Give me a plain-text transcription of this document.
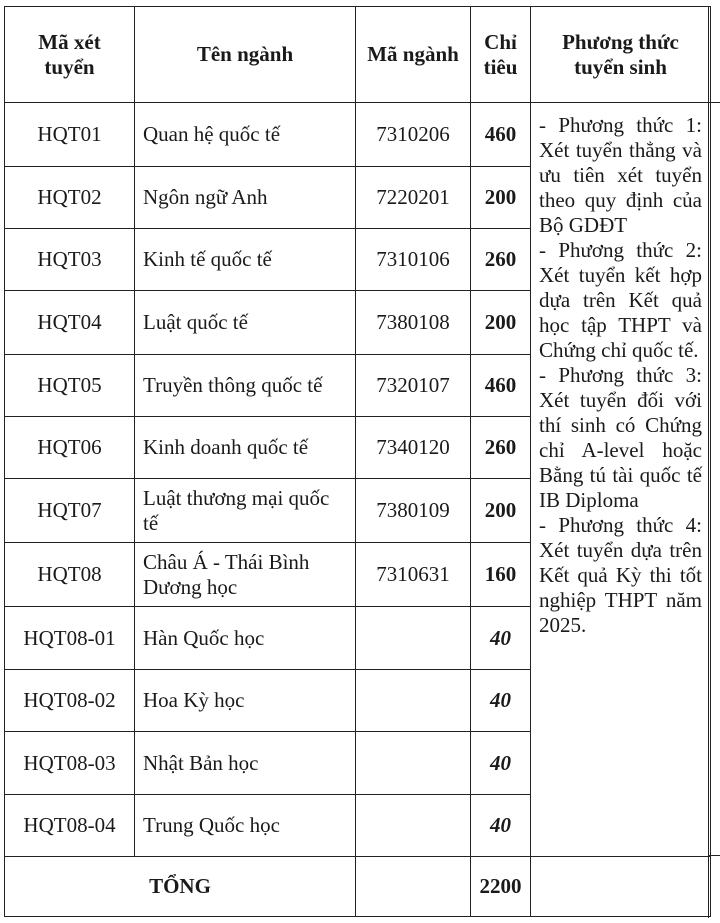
Mã xét tuyển	Tên ngành	Mã ngành	Chỉ tiêu	Phương thức tuyển sinh
HQT01	Quan hệ quốc tế	7310206	460	- Phương thức 1: Xét tuyển thẳng và ưu tiên xét tuyển theo quy định của Bộ GDĐT
- Phương thức 2: Xét tuyển kết hợp dựa trên Kết quả học tập THPT và Chứng chỉ quốc tế.
- Phương thức 3: Xét tuyển đối với thí sinh có Chứng chỉ A-level hoặc Bằng tú tài quốc tế IB Diploma
- Phương thức 4: Xét tuyển dựa trên Kết quả Kỳ thi tốt nghiệp THPT năm 2025.

HQT02	Ngôn ngữ Anh	7220201	200	
HQT03	Kinh tế quốc tế	7310106	260	
HQT04	Luật quốc tế	7380108	200	
HQT05	Truyền thông quốc tế	7320107	460	
HQT06	Kinh doanh quốc tế	7340120	260	
HQT07	Luật thương mại quốc tế	7380109	200	
HQT08	Châu Á - Thái Bình Dương học	7310631	160	
HQT08-01	Hàn Quốc học		40	
HQT08-02	Hoa Kỳ học		40	
HQT08-03	Nhật Bản học		40	
HQT08-04	Trung Quốc học		40	
TỔNG			2200	
